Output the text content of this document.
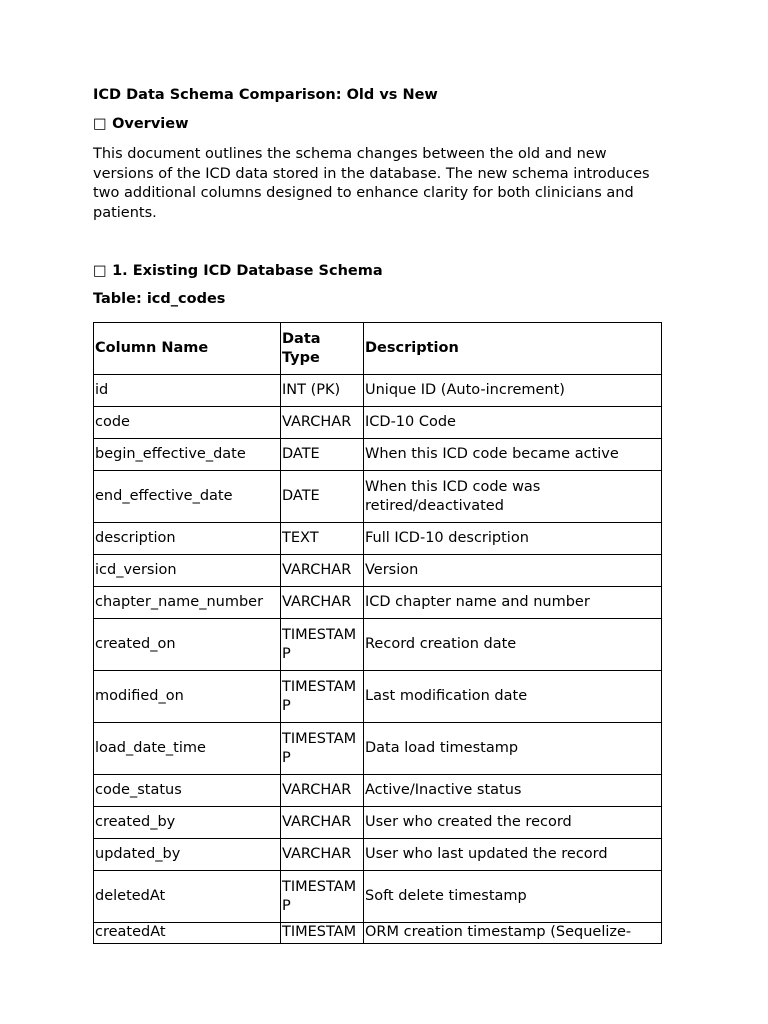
ICD Data Schema Comparison: Old vs New
□ Overview
This document outlines the schema changes between the old and new versions of the ICD data stored in the database. The new schema introduces two additional columns designed to enhance clarity for both clinicians and patients.
□ 1. Existing ICD Database Schema
Table: icd_codes
Column Name	Data Type	Description
id	INT (PK)	Unique ID (Auto-increment)
code	VARCHAR	ICD-10 Code
begin_effective_date	DATE	When this ICD code became active
end_effective_date	DATE	When this ICD code was retired/deactivated
description	TEXT	Full ICD-10 description
icd_version	VARCHAR	Version
chapter_name_number	VARCHAR	ICD chapter name and number
created_on	TIMESTAMP	Record creation date
modified_on	TIMESTAMP	Last modification date
load_date_time	TIMESTAMP	Data load timestamp
code_status	VARCHAR	Active/Inactive status
created_by	VARCHAR	User who created the record
updated_by	VARCHAR	User who last updated the record
deletedAt	TIMESTAMP	Soft delete timestamp
createdAt	TIMESTAM	ORM creation timestamp (Sequelize-
